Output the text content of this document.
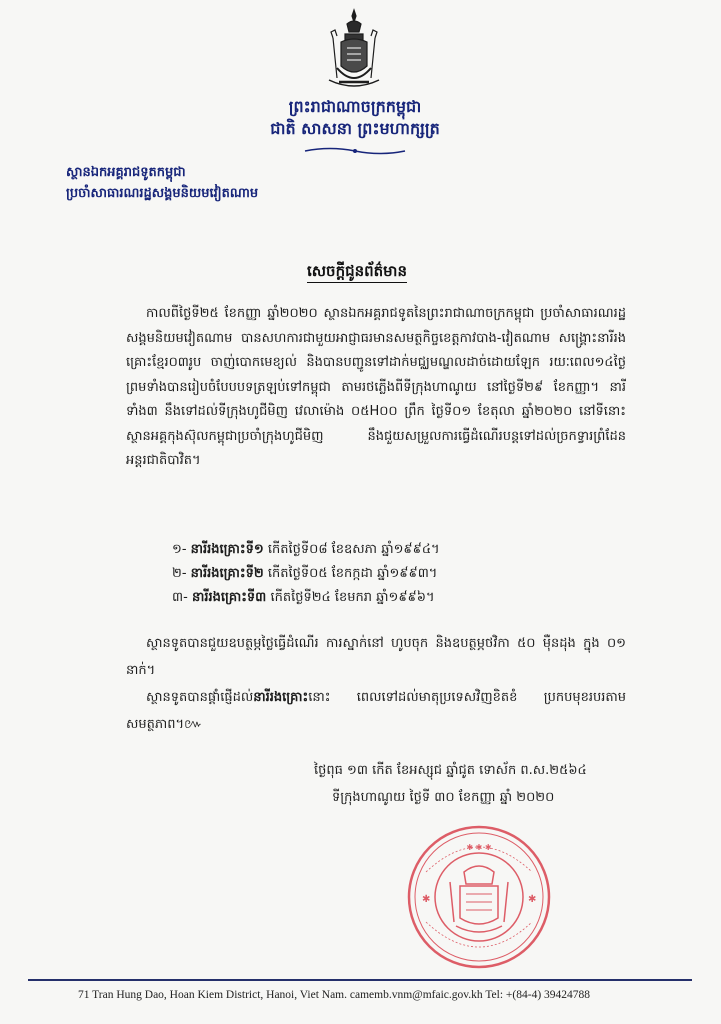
ព្រះរាជាណាចក្រកម្ពុជា
ជាតិ សាសនា ព្រះមហាក្សត្រ
ស្ថានឯកអគ្គរាជទូតកម្ពុជា
ប្រចាំសាធារណរដ្ឋសង្គមនិយមវៀតណាម
សេចក្តីជូនព័ត៌មាន

កាលពីថ្ងៃទី២៥ ខែកញ្ញា ឆ្នាំ២០២០ ស្ថានឯកអគ្គរាជទូតនៃព្រះរាជាណាចក្រកម្ពុជា ប្រចាំសាធារណរដ្ឋសង្គមនិយមវៀតណាម បានសហការជាមួយអាជ្ញាធរមានសមត្ថកិច្ចខេត្តកាវបាង-វៀតណាម សង្គ្រោះនារីរងគ្រោះខ្មែរ០៣រូប ចាញ់បោកមេខ្យល់ និងបានបញ្ជូនទៅដាក់មជ្ឈមណ្ឌលដាច់ដោយឡែក រយៈពេល១៤ថ្ងៃ ព្រមទាំងបានរៀបចំបែបបទត្រឡប់ទៅកម្ពុជា តាមរថភ្លើងពីទីក្រុងហាណូយ នៅថ្ងៃទី២៩ ខែកញ្ញា។ នារីទាំង៣ នឹងទៅដល់ទីក្រុងហូជីមិញ វេលាម៉ោង ០៥H០០ ព្រឹក ថ្ងៃទី០១ ខែតុលា ឆ្នាំ២០២០ នៅទីនោះស្ថានអគ្គកុងស៊ុលកម្ពុជាប្រចាំក្រុងហូជីមិញ នឹងជួយសម្រួលការធ្វើដំណើរបន្តទៅដល់ច្រកទ្វារព្រំដែនអន្តរជាតិបាវិត។

១- នារីរងគ្រោះទី១ កើតថ្ងៃទី០៨ ខែឧសភា ឆ្នាំ១៩៩៤។
២- នារីរងគ្រោះទី២ កើតថ្ងៃទី០៥ ខែកក្កដា ឆ្នាំ១៩៩៣។
៣- នារីរងគ្រោះទី៣ កើតថ្ងៃទី២៤ ខែមករា ឆ្នាំ១៩៩៦។

ស្ថានទូតបានជួយឧបត្ថម្ភថ្លៃធ្វើដំណើរ ការស្នាក់នៅ ហូបចុក និងឧបត្ថម្ភថវិកា ៥០ ម៉ឺនដុង ក្នុង ០១ នាក់។

ស្ថានទូតបានផ្តាំផ្ញើដល់នារីរងគ្រោះនោះ ពេលទៅដល់មាតុប្រទេសវិញខិតខំ ប្រកបមុខរបរតាមសមត្ថភាព។៚

ថ្ងៃពុធ ១៣ កើត ខែអស្សុជ ឆ្នាំជូត ទោស័ក ព.ស.២៥៦៤
ទីក្រុងហាណូយ ថ្ងៃទី ៣០ ខែកញ្ញា ឆ្នាំ ២០២០
✱ ✱ ✱
✱	✱
71 Tran Hung Dao, Hoan Kiem District, Hanoi, Viet Nam. camemb.vnm@mfaic.gov.kh Tel: +(84-4) 39424788
